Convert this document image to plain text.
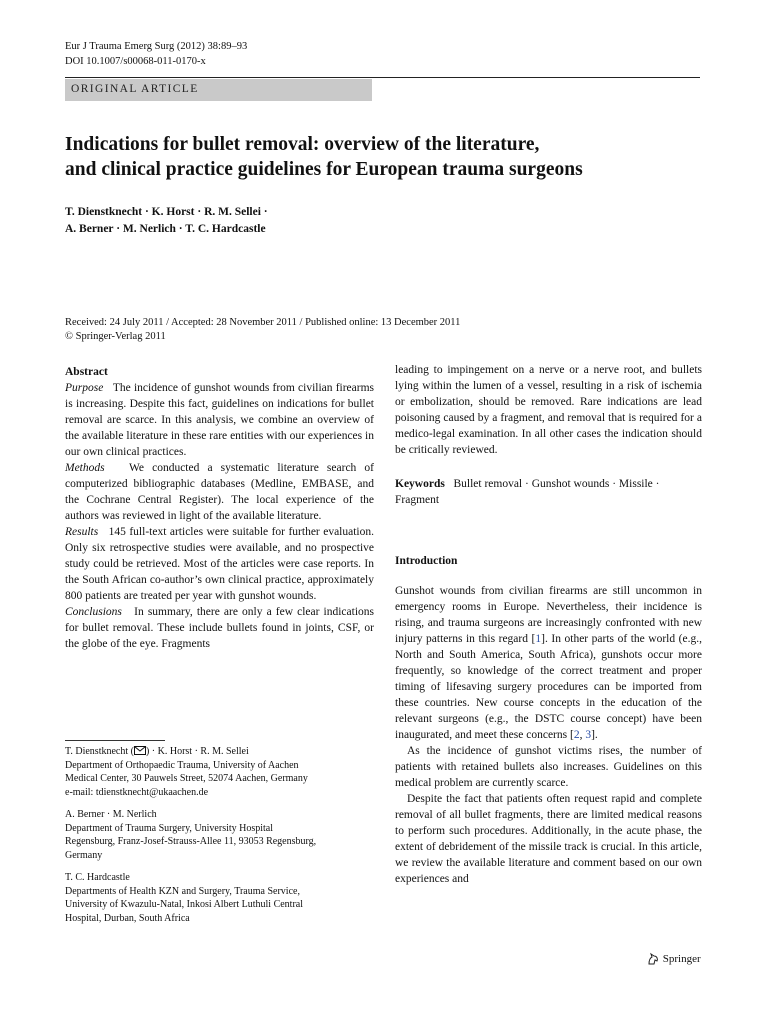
Eur J Trauma Emerg Surg (2012) 38:89–93
DOI 10.1007/s00068-011-0170-x
ORIGINAL ARTICLE
Indications for bullet removal: overview of the literature,
and clinical practice guidelines for European trauma surgeons
T. Dienstknecht · K. Horst · R. M. Sellei ·
A. Berner · M. Nerlich · T. C. Hardcastle
Received: 24 July 2011 / Accepted: 28 November 2011 / Published online: 13 December 2011
© Springer-Verlag 2011

Abstract

Purpose The incidence of gunshot wounds from civilian firearms is increasing. Despite this fact, guidelines on indications for bullet removal are scarce. In this analysis, we combine an overview of the available literature in these rare entities with our experiences in our own clinical practices.

Methods We conducted a systematic literature search of computerized bibliographic databases (Medline, EMBASE, and the Cochrane Central Register). The local experience of the authors was reviewed in light of the available literature.

Results 145 full-text articles were suitable for further evaluation. Only six retrospective studies were available, and no prospective study could be retrieved. Most of the articles were case reports. In the South African co-author’s own clinical practice, approximately 800 patients are treated per year with gunshot wounds.

Conclusions In summary, there are only a few clear indications for bullet removal. These include bullets found in joints, CSF, or the globe of the eye. Fragments

T. Dienstknecht ( ) · K. Horst · R. M. Sellei
Department of Orthopaedic Trauma, University of Aachen
Medical Center, 30 Pauwels Street, 52074 Aachen, Germany
e-mail: tdienstknecht@ukaachen.de

A. Berner · M. Nerlich
Department of Trauma Surgery, University Hospital
Regensburg, Franz-Josef-Strauss-Allee 11, 93053 Regensburg,
Germany

T. C. Hardcastle
Departments of Health KZN and Surgery, Trauma Service,
University of Kwazulu-Natal, Inkosi Albert Luthuli Central
Hospital, Durban, South Africa

leading to impingement on a nerve or a nerve root, and bullets lying within the lumen of a vessel, resulting in a risk of ischemia or embolization, should be removed. Rare indications are lead poisoning caused by a fragment, and removal that is required for a medico-legal examination. In all other cases the indication should be critically reviewed.

Keywords Bullet removal · Gunshot wounds · Missile · Fragment

Introduction

Gunshot wounds from civilian firearms are still uncommon in emergency rooms in Europe. Nevertheless, their incidence is rising, and trauma surgeons are increasingly confronted with new injury patterns in this regard [1]. In other parts of the world (e.g., North and South America, South Africa), gunshots occur more frequently, so knowledge of the correct treatment and proper timing of lifesaving surgery procedures can be imported from these countries. New course concepts in the education of the relevant surgeons (e.g., the DSTC course concept) have been inaugurated, and meet these concerns [2, 3].

As the incidence of gunshot victims rises, the number of patients with retained bullets also increases. Guidelines on this medical problem are currently scarce.

Despite the fact that patients often request rapid and complete removal of all bullet fragments, there are limited medical reasons to perform such procedures. Additionally, in the acute phase, the extent of debridement of the missile track is crucial. In this article, we review the available literature and comment based on our own experiences and

Springer
